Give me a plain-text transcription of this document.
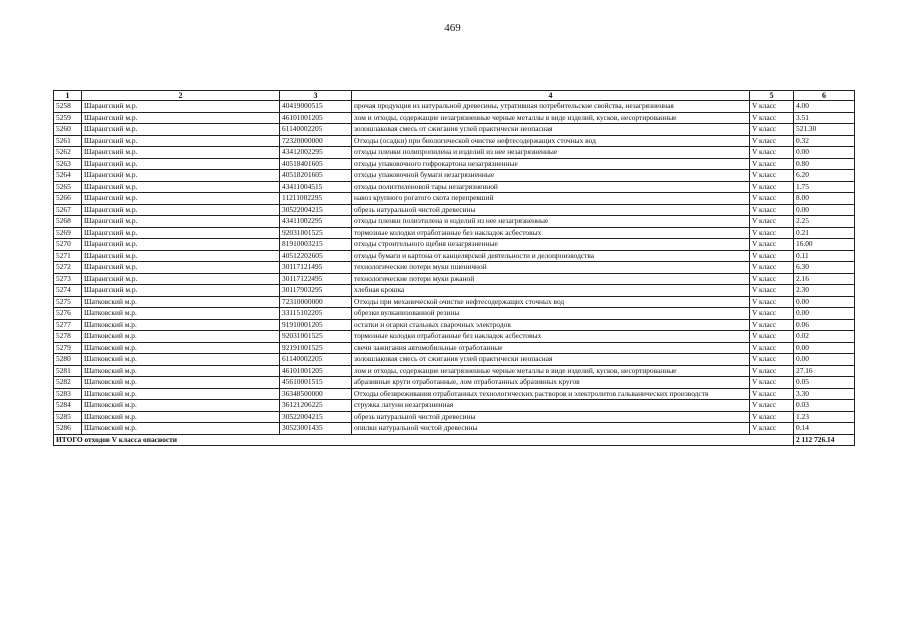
469
1	2	3	4	5	6
5258	Шарангский м.р.	40419000515	прочая продукция из натуральной древесины, утратившая потребительские свойства, незагрязненная	V класс	4.00
5259	Шарангский м.р.	46101001205	лом и отходы, содержащие незагрязненные черные металлы в виде изделий, кусков, несортированные	V класс	3.51
5260	Шарангский м.р.	61140002205	золошлаковая смесь от сжигания углей практически неопасная	V класс	521.30
5261	Шарангский м.р.	72320000000	Отходы (осадки) при биологической очистке нефтесодержащих сточных вод	V класс	0.32
5262	Шарангский м.р.	43412002295	отходы пленки полипропилена и изделий из нее незагрязненные	V класс	0.00
5263	Шарангский м.р.	40518401605	отходы упаковочного гофрокартона незагрязненные	V класс	0.80
5264	Шарангский м.р.	40518201605	отходы упаковочной бумаги незагрязненные	V класс	6.20
5265	Шарангский м.р.	43411004515	отходы полиэтиленовой тары незагрязненной	V класс	1.75
5266	Шарангский м.р.	11211002295	навоз крупного рогатого скота перепревший	V класс	8.00
5267	Шарангский м.р.	30522004215	обрезь натуральной чистой древесины	V класс	0.00
5268	Шарангский м.р.	43411002295	отходы пленки полиэтилена и изделий из нее незагрязненные	V класс	2.25
5269	Шарангский м.р.	92031001525	тормозные колодки отработанные без накладок асбестовых	V класс	0.21
5270	Шарангский м.р.	81910003215	отходы строительного щебня незагрязненные	V класс	16.00
5271	Шарангский м.р.	40512202605	отходы бумаги и картона от канцелярской деятельности и делопроизводства	V класс	0.11
5272	Шарангский м.р.	30117121495	технологические потери муки пшеничной	V класс	6.30
5273	Шарангский м.р.	30117122495	технологические потери муки ржаной	V класс	2.16
5274	Шарангский м.р.	30117903295	хлебная крошка	V класс	2.30
5275	Шатковский м.р.	72310000000	Отходы при механической очистке нефтесодержащих сточных вод	V класс	0.00
5276	Шатковский м.р.	33115102205	обрезки вулканизованной резины	V класс	0.00
5277	Шатковский м.р.	91910001205	остатки и огарки стальных сварочных электродов	V класс	0.06
5278	Шатковский м.р.	92031001525	тормозные колодки отработанные без накладок асбестовых	V класс	0.02
5279	Шатковский м.р.	92191001525	свечи зажигания автомобильные отработанные	V класс	0.00
5280	Шатковский м.р.	61140002205	золошлаковая смесь от сжигания углей практически неопасная	V класс	0.00
5281	Шатковский м.р.	46101001205	лом и отходы, содержащие незагрязненные черные металлы в виде изделий, кусков, несортированные	V класс	27.16
5282	Шатковский м.р.	45610001515	абразивные круги отработанные, лом отработанных абразивных кругов	V класс	0.05
5283	Шатковский м.р.	36348500000	Отходы обезвреживания отработанных технологических растворов и электролитов гальванических производств	V класс	3.30
5284	Шатковский м.р.	36121206225	стружка латуни незагрязненная	V класс	0.03
5285	Шатковский м.р.	30522004215	обрезь натуральной чистой древесины	V класс	1.23
5286	Шатковский м.р.	30523001435	опилки натуральной чистой древесины	V класс	0.14
ИТОГО отходов V класса опасности					2 112 726.14
